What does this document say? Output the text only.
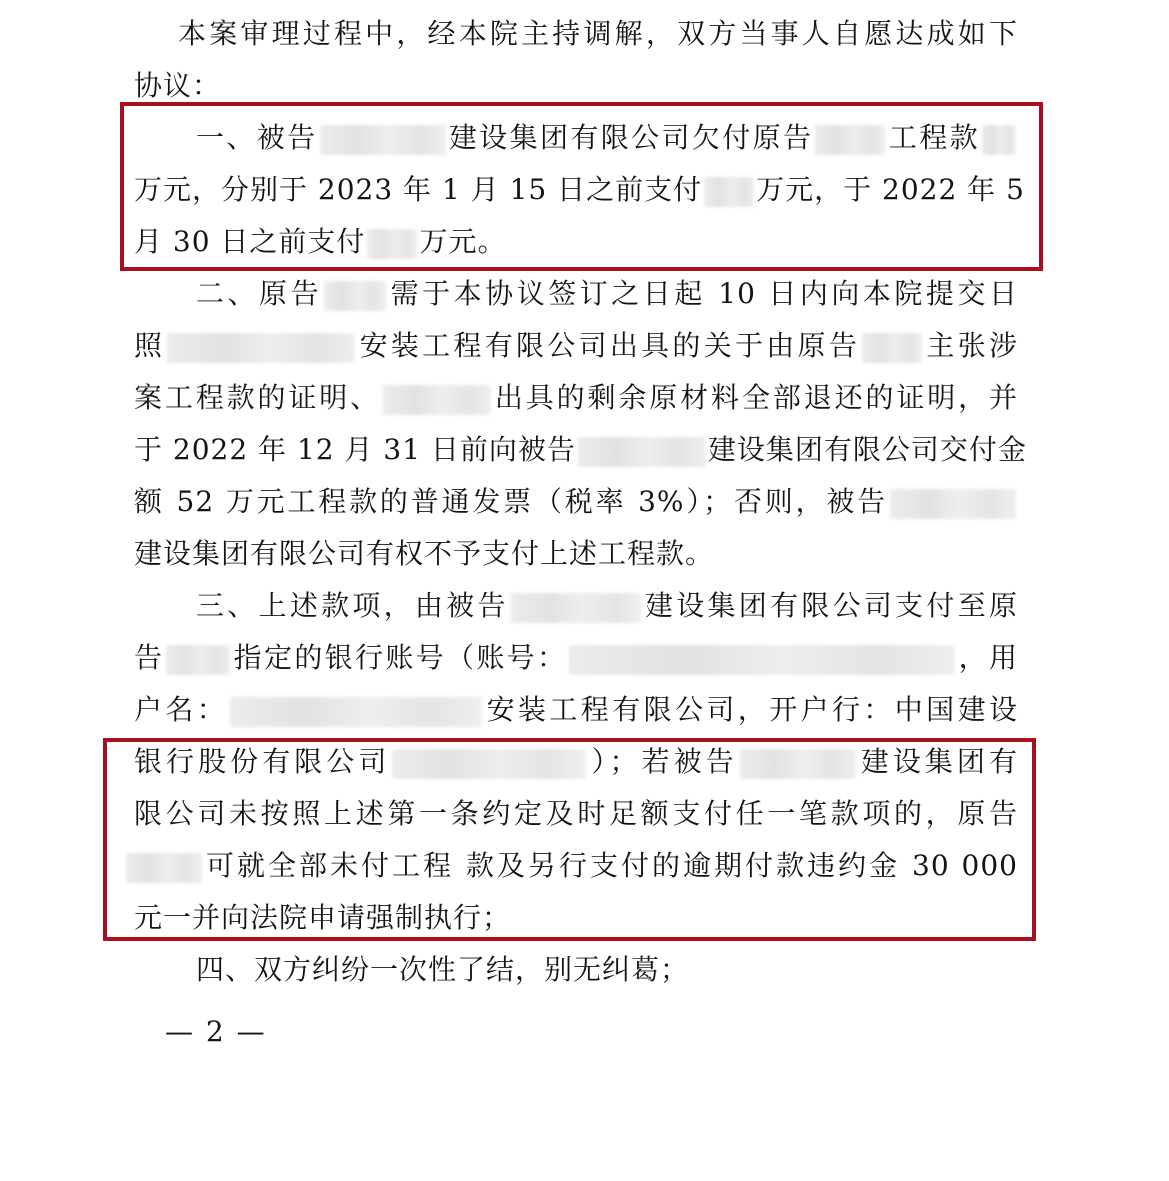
本案审理过程中，经本院主持调解，双方当事人自愿达成如下
协议：
一、被告	建设集团有限公司欠付原告	工程款
万元，分别于 2023 年 1 月 15 日之前支付 万元，于 2022 年 5
月 30 日之前支付 万元。
二、原告 需于本协议签订之日起 10 日内向本院提交日
照	安装工程有限公司出具的关于由原告 主张涉
案工程款的证明、	出具的剩余原材料全部退还的证明，并
于 2022 年 12 月 31 日前向被告	建设集团有限公司交付金
额 52 万元工程款的普通发票（税率 3%）；否则，被告
建设集团有限公司有权不予支付上述工程款。
三、上述款项，由被告	建设集团有限公司支付至原
告 指定的银行账号（账号：	，用
户名：	安装工程有限公司，开户行：中国建设
银行股份有限公司	）；若被告	建设集团有
限公司未按照上述第一条约定及时足额支付任一笔款项的，原告
可就全部未付工程 款及另行支付的逾期付款违约金 30 000
元一并向法院申请强制执行；
四、双方纠纷一次性了结，别无纠葛；
— 2 —
